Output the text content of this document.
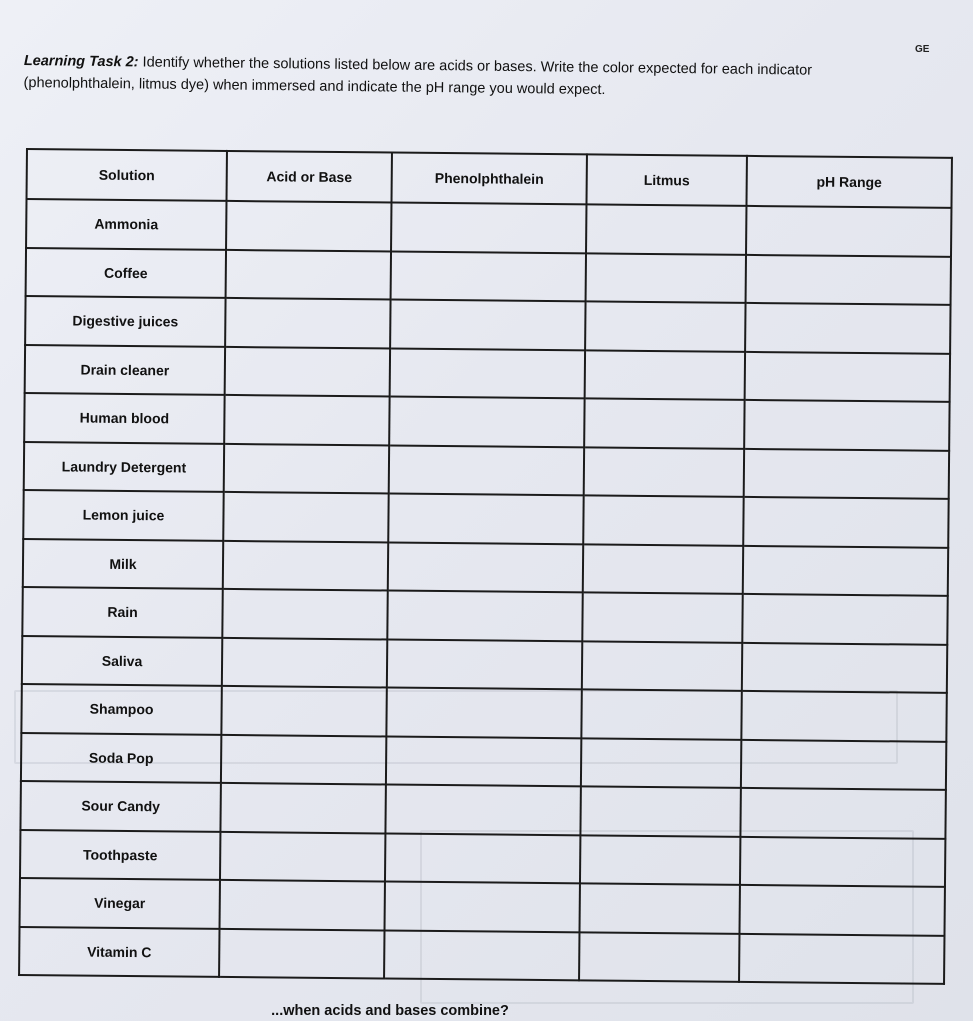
GE
Learning Task 2: Identify whether the solutions listed below are acids or bases. Write the color expected for each indicator (phenolphthalein, litmus dye) when immersed and indicate the pH range you would expect.
Solution	Acid or Base	Phenolphthalein	Litmus	pH Range
Ammonia				
Coffee				
Digestive juices				
Drain cleaner				
Human blood				
Laundry Detergent				
Lemon juice				
Milk				
Rain				
Saliva				
Shampoo				
Soda Pop				
Sour Candy				
Toothpaste				
Vinegar				
Vitamin C				
...when acids and bases combine?
